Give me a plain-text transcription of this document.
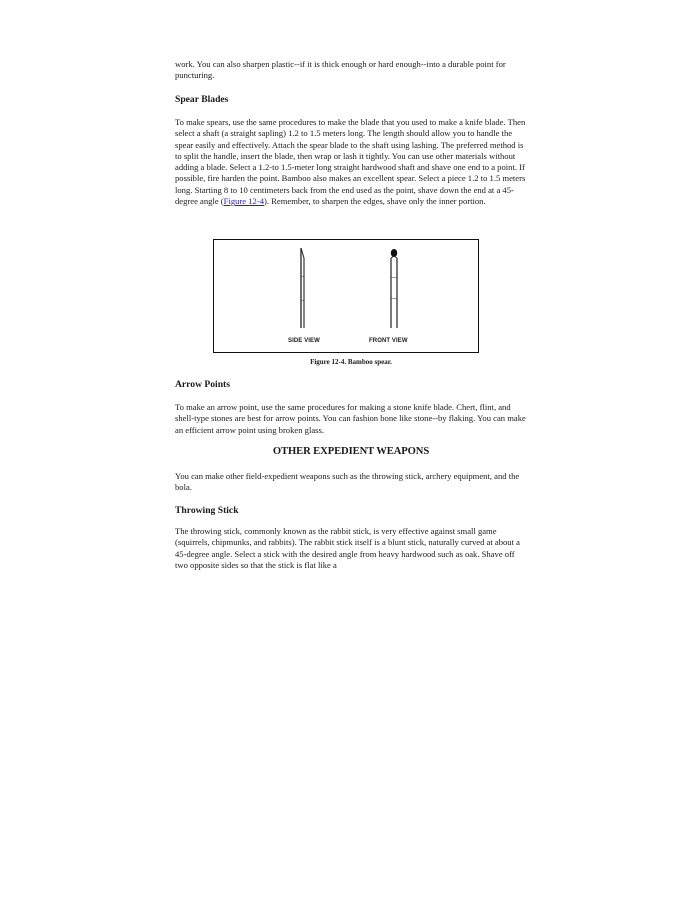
work. You can also sharpen plastic--if it is thick enough or hard enough--into a durable point for puncturing.

Spear Blades

To make spears, use the same procedures to make the blade that you used to make a knife blade. Then select a shaft (a straight sapling) 1.2 to 1.5 meters long. The length should allow you to handle the spear easily and effectively. Attach the spear blade to the shaft using lashing. The preferred method is to split the handle, insert the blade, then wrap or lash it tightly. You can use other materials without adding a blade. Select a 1.2-to 1.5-meter long straight hardwood shaft and shave one end to a point. If possible, fire harden the point. Bamboo also makes an excellent spear. Select a piece 1.2 to 1.5 meters long. Starting 8 to 10 centimeters back from the end used as the point, shave down the end at a 45-degree angle (Figure 12-4). Remember, to sharpen the edges, shave only the inner portion.

SIDE VIEW	FRONT VIEW
Figure 12-4. Bamboo spear.

Arrow Points

To make an arrow point, use the same procedures for making a stone knife blade. Chert, flint, and shell-type stones are best for arrow points. You can fashion bone like stone--by flaking. You can make an efficient arrow point using broken glass.

OTHER EXPEDIENT WEAPONS

You can make other field-expedient weapons such as the throwing stick, archery equipment, and the bola.

Throwing Stick

The throwing stick, commonly known as the rabbit stick, is very effective against small game (squirrels, chipmunks, and rabbits). The rabbit stick itself is a blunt stick, naturally curved at about a 45-degree angle. Select a stick with the desired angle from heavy hardwood such as oak. Shave off two opposite sides so that the stick is flat like a
